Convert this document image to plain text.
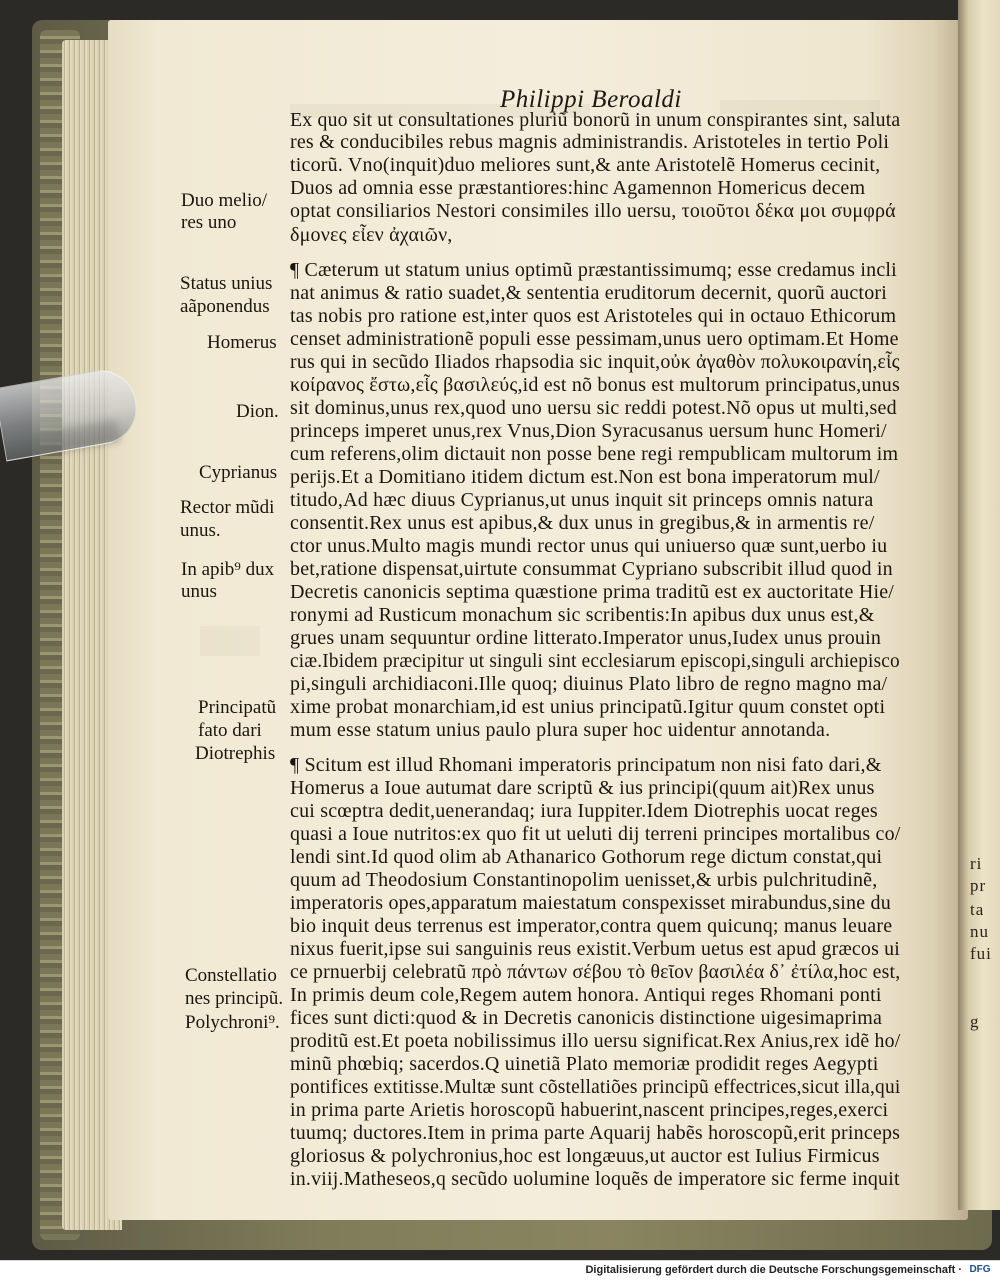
Philippi Beroaldi
Ex quo sit ut consultationes pluriũ bonorũ in unum conspirantes sint, saluta
res & conducibiles rebus magnis administrandis. Aristoteles in tertio Poli
ticorũ. Vno(inquit)duo meliores sunt,& ante Aristotelẽ Homerus cecinit,
Duos ad omnia esse præstantiores:hinc Agamennon Homericus decem
optat consiliarios Nestori consimiles illo uersu, τοιοῦτοι δέκα μοι συμφρά
δμονες εἶεν ἀχαιῶν,
¶ Cæterum ut statum unius optimũ præstantissimumq; esse credamus incli
nat animus & ratio suadet,& sententia eruditorum decernit, quorũ auctori
tas nobis pro ratione est,inter quos est Aristoteles qui in octauo Ethicorum
censet administrationẽ populi esse pessimam,unus uero optimam.Et Home
rus qui in secũdo Iliados rhapsodia sic inquit,οὐκ ἀγαθὸν πολυκοιρανίη,εἷς
κοίρανος ἔστω,εἷς βασιλεύς,id est nõ bonus est multorum principatus,unus
sit dominus,unus rex,quod uno uersu sic reddi potest.Nõ opus ut multi,sed
princeps imperet unus,rex Vnus,Dion Syracusanus uersum hunc Homeri/
cum referens,olim dictauit non posse bene regi rempublicam multorum im
perijs.Et a Domitiano itidem dictum est.Non est bona imperatorum mul/
titudo,Ad hæc diuus Cyprianus,ut unus inquit sit princeps omnis natura
consentit.Rex unus est apibus,& dux unus in gregibus,& in armentis re/
ctor unus.Multo magis mundi rector unus qui uniuerso quæ sunt,uerbo iu
bet,ratione dispensat,uirtute consummat Cypriano subscribit illud quod in
Decretis canonicis septima quæstione prima traditũ est ex auctoritate Hie/
ronymi ad Rusticum monachum sic scribentis:In apibus dux unus est,&
grues unam sequuntur ordine litterato.Imperator unus,Iudex unus prouin
ciæ.Ibidem præcipitur ut singuli sint ecclesiarum episcopi,singuli archiepisco
pi,singuli archidiaconi.Ille quoq; diuinus Plato libro de regno magno ma/
xime probat monarchiam,id est unius principatũ.Igitur quum constet opti
mum esse statum unius paulo plura super hoc uidentur annotanda.
¶ Scitum est illud Rhomani imperatoris principatum non nisi fato dari,&
Homerus a Ioue autumat dare scriptũ & ius principi(quum ait)Rex unus
cui scœptra dedit,uenerandaq; iura Iuppiter.Idem Diotrephis uocat reges
quasi a Ioue nutritos:ex quo fit ut ueluti dij terreni principes mortalibus co/
lendi sint.Id quod olim ab Athanarico Gothorum rege dictum constat,qui
quum ad Theodosium Constantinopolim uenisset,& urbis pulchritudinẽ,
imperatoris opes,apparatum maiestatum conspexisset mirabundus,sine du
bio inquit deus terrenus est imperator,contra quem quicunq; manus leuare
nixus fuerit,ipse sui sanguinis reus existit.Verbum uetus est apud græcos ui
ce prnuerbij celebratũ πρὸ πάντων σέβου τὸ θεῖον βασιλέα δ᾽ ἐτίλα,hoc est,
In primis deum cole,Regem autem honora. Antiqui reges Rhomani ponti
fices sunt dicti:quod & in Decretis canonicis distinctione uigesimaprima
proditũ est.Et poeta nobilissimus illo uersu significat.Rex Anius,rex idẽ ho/
minũ phœbiq; sacerdos.Q uinetiã Plato memoriæ prodidit reges Aegypti
pontifices extitisse.Multæ sunt cõstellatiões principũ effectrices,sicut illa,qui
in prima parte Arietis horoscopũ habuerint,nascent principes,reges,exerci
tuumq; ductores.Item in prima parte Aquarij habẽs horoscopũ,erit princeps
gloriosus & polychronius,hoc est longæuus,ut auctor est Iulius Firmicus
in.viij.Matheseos,q secũdo uolumine loquẽs de imperatore sic ferme inquit
Duo melio/
res uno
Status unius
aãponendus
Homerus
Dion.
Cyprianus
Rector mũdi
unus.
In apib⁹ dux
unus
Principatũ
fato dari
Diotrephis
Constellatio
nes principũ.
Polychroni⁹.
ri
pr
ta
nu
fui
g
Digitalisierung gefördert durch die Deutsche Forschungsgemeinschaft · DFG
